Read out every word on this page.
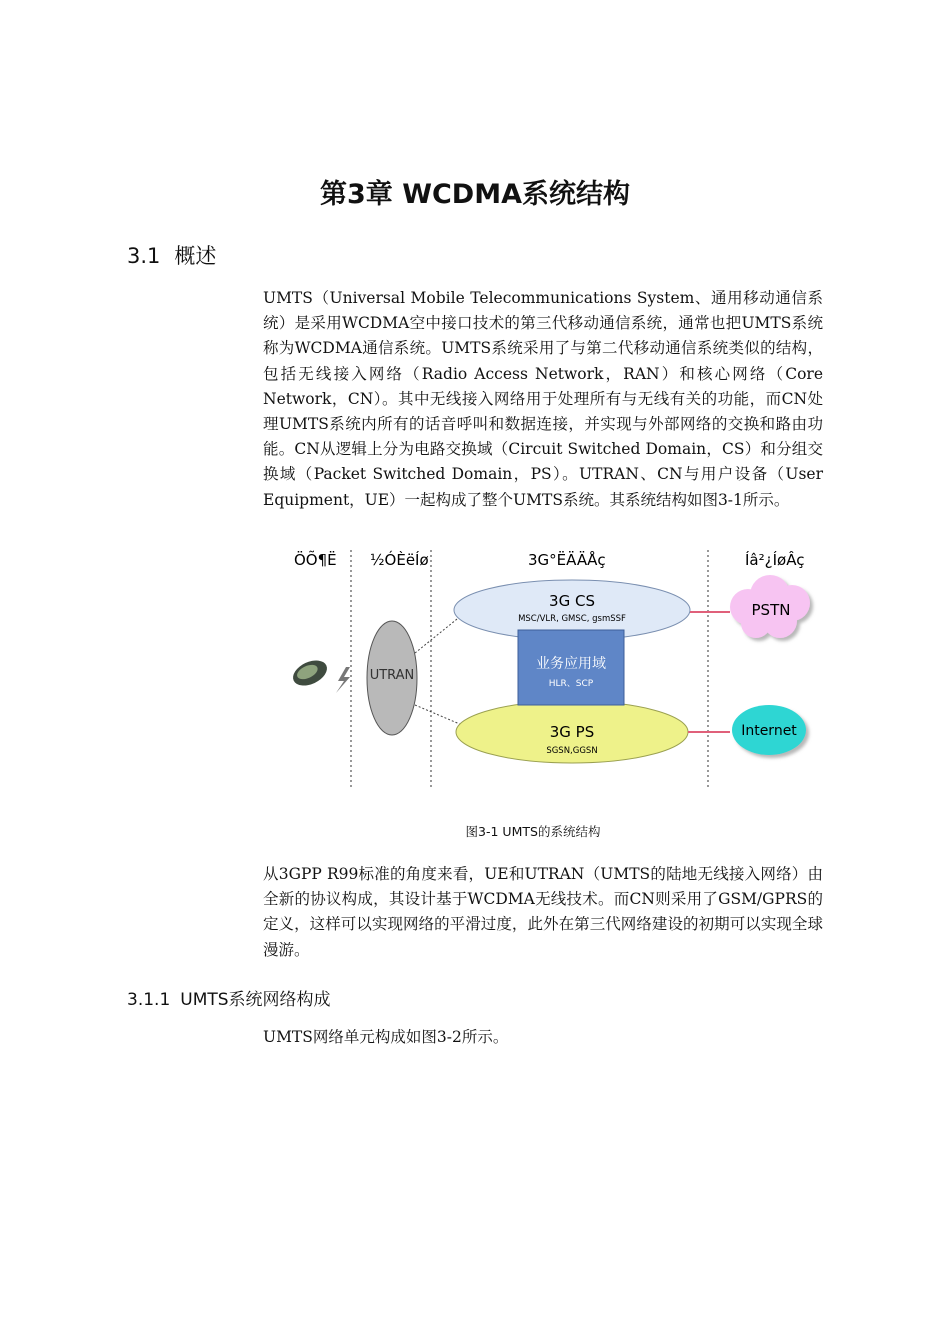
第3章 WCDMA系统结构
3.1 概述
UMTS（Universal Mobile Telecommunications System、通用移动通信系统）是采用WCDMA空中接口技术的第三代移动通信系统，通常也把UMTS系统称为WCDMA通信系统。UMTS系统采用了与第二代移动通信系统类似的结构，包括无线接入网络（Radio Access Network，RAN）和核心网络（Core Network，CN）。其中无线接入网络用于处理所有与无线有关的功能，而CN处理UMTS系统内所有的话音呼叫和数据连接，并实现与外部网络的交换和路由功能。CN从逻辑上分为电路交换域（Circuit Switched Domain，CS）和分组交换域（Packet Switched Domain，PS）。UTRAN、CN与用户设备（User Equipment，UE）一起构成了整个UMTS系统。其系统结构如图3-1所示。
ÖÕ¶Ë ½ÓÈëÍø	3G°ËÄÄÅç	Íâ²¿ÍøÂç
UTRAN
3G CS
MSC/VLR, GMSC, gsmSSF
3G PS
SGSN,GGSN
业务应用域
HLR、SCP
PSTN
Internet
图3-1 UMTS的系统结构
从3GPP R99标准的角度来看，UE和UTRAN（UMTS的陆地无线接入网络）由全新的协议构成，其设计基于WCDMA无线技术。而CN则采用了GSM/GPRS的定义，这样可以实现网络的平滑过度，此外在第三代网络建设的初期可以实现全球漫游。
3.1.1 UMTS系统网络构成
UMTS网络单元构成如图3-2所示。
